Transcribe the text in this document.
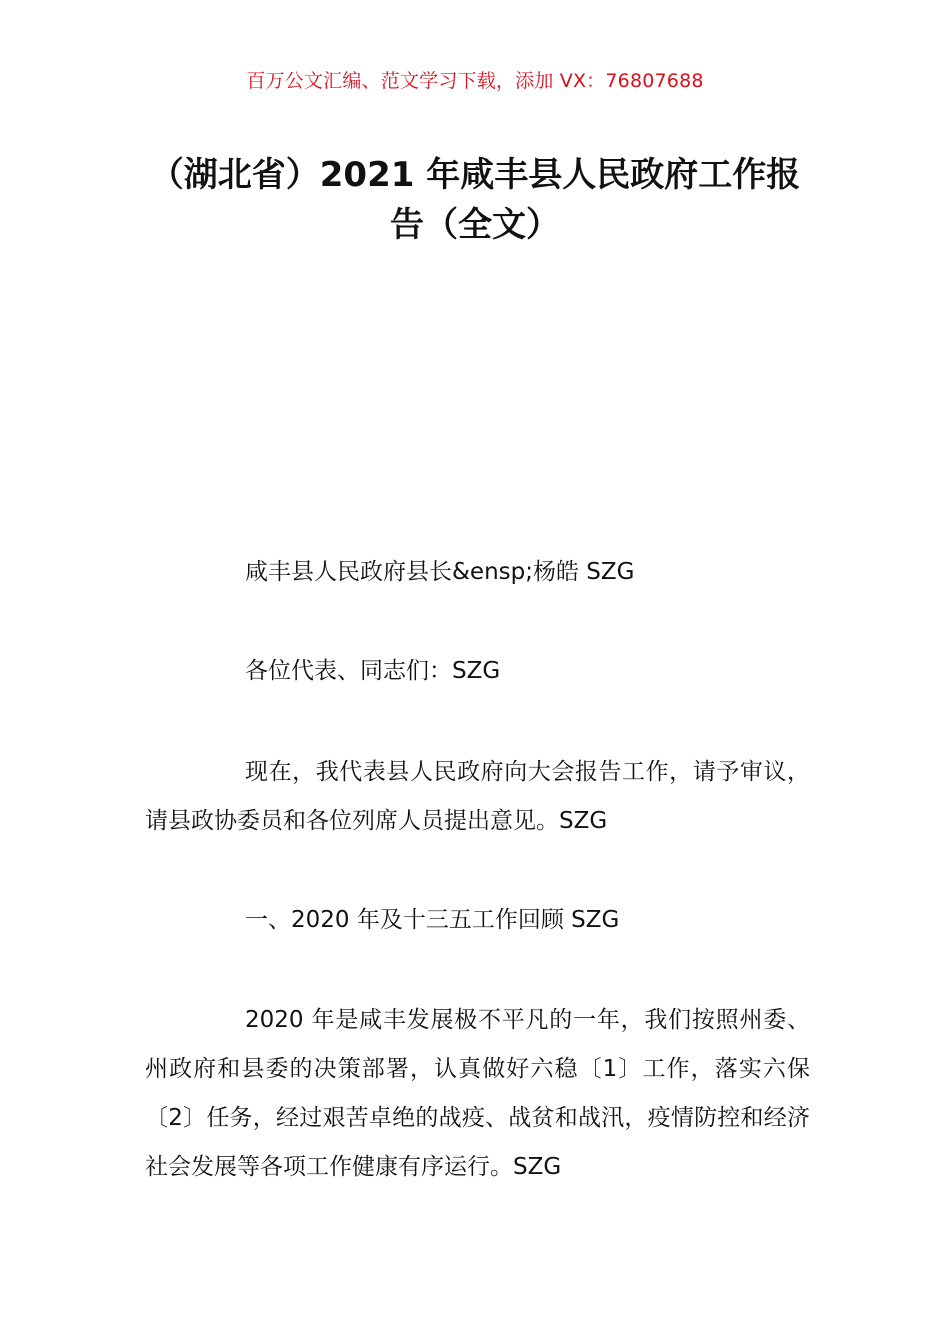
百万公文汇编、范文学习下载，添加 VX：76807688
（湖北省）2021 年咸丰县人民政府工作报告（全文）

咸丰县人民政府县长&ensp;杨皓 SZG

各位代表、同志们：SZG

现在，我代表县人民政府向大会报告工作，请予审议，请县政协委员和各位列席人员提出意见。SZG

一、2020 年及十三五工作回顾 SZG

2020 年是咸丰发展极不平凡的一年，我们按照州委、州政府和县委的决策部署，认真做好六稳〔1〕工作，落实六保〔2〕任务，经过艰苦卓绝的战疫、战贫和战汛，疫情防控和经济社会发展等各项工作健康有序运行。SZG
